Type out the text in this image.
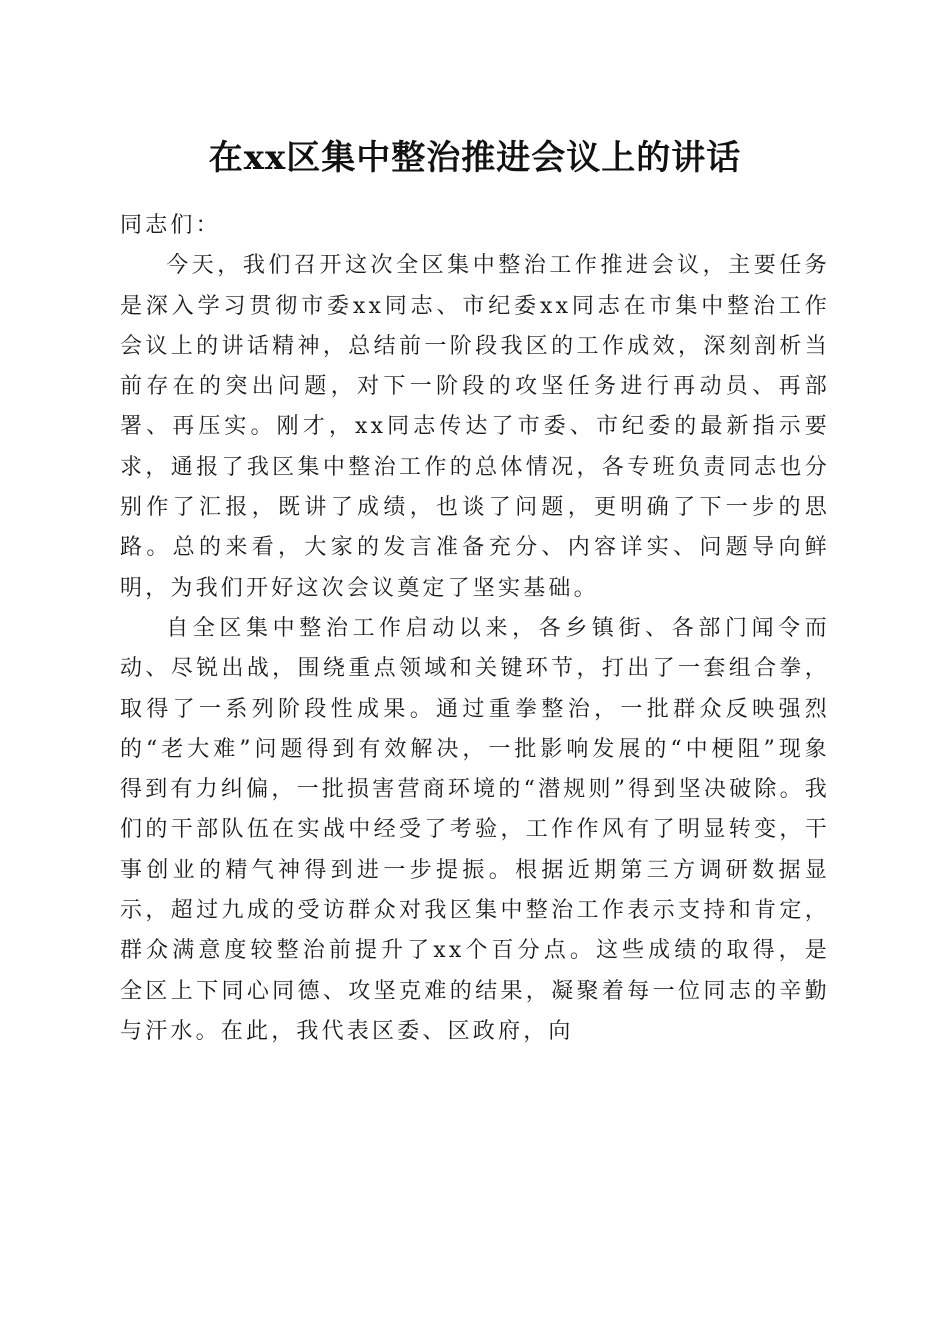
在xx区集中整治推进会议上的讲话

同志们：

今天，我们召开这次全区集中整治工作推进会议，主要任务是深入学习贯彻市委xx同志、市纪委xx同志在市集中整治工作会议上的讲话精神，总结前一阶段我区的工作成效，深刻剖析当前存在的突出问题，对下一阶段的攻坚任务进行再动员、再部署、再压实。刚才，xx同志传达了市委、市纪委的最新指示要求，通报了我区集中整治工作的总体情况，各专班负责同志也分别作了汇报，既讲了成绩，也谈了问题，更明确了下一步的思路。总的来看，大家的发言准备充分、内容详实、问题导向鲜明，为我们开好这次会议奠定了坚实基础。

自全区集中整治工作启动以来，各乡镇街、各部门闻令而动、尽锐出战，围绕重点领域和关键环节，打出了一套组合拳，取得了一系列阶段性成果。通过重拳整治，一批群众反映强烈的“老大难”问题得到有效解决，一批影响发展的“中梗阻”现象得到有力纠偏，一批损害营商环境的“潜规则”得到坚决破除。我们的干部队伍在实战中经受了考验，工作作风有了明显转变，干事创业的精气神得到进一步提振。根据近期第三方调研数据显示，超过九成的受访群众对我区集中整治工作表示支持和肯定，群众满意度较整治前提升了xx个百分点。这些成绩的取得，是全区上下同心同德、攻坚克难的结果，凝聚着每一位同志的辛勤与汗水。在此，我代表区委、区政府，向
